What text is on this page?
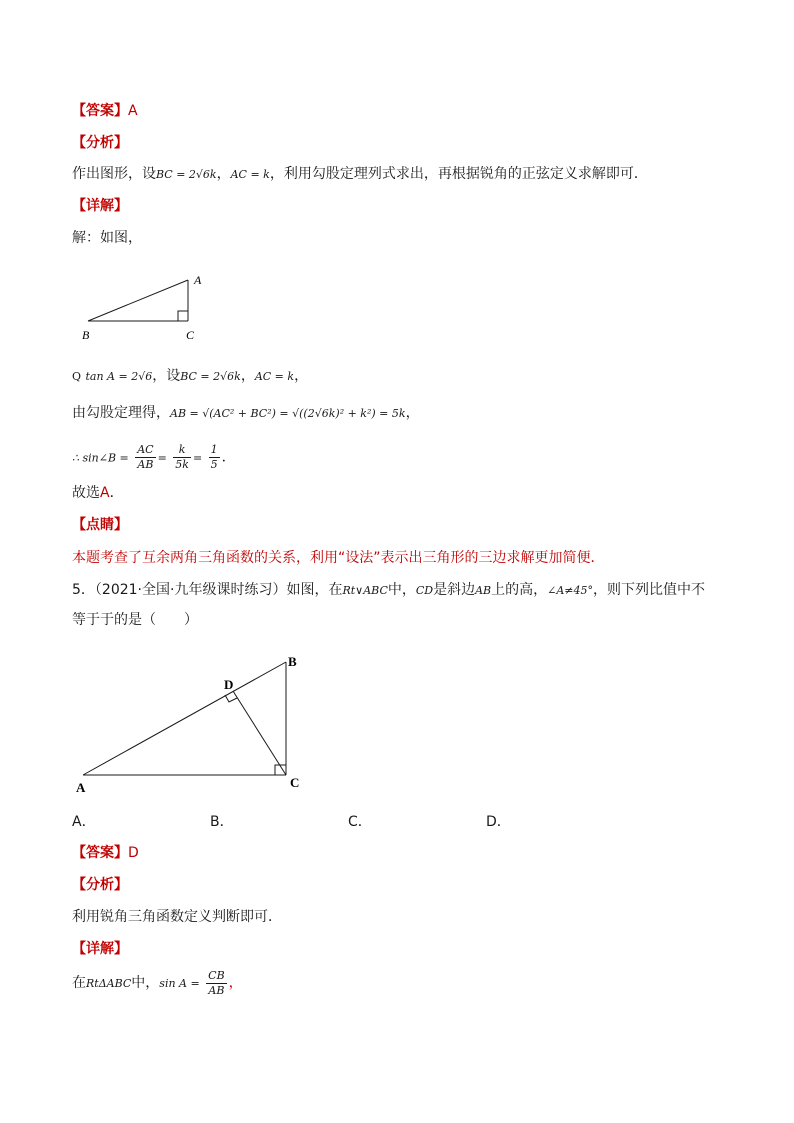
【答案】A
【分析】
作出图形，设BC = 2√6k，AC = k，利用勾股定理列式求出，再根据锐角的正弦定义求解即可．
【详解】
解：如图，
A
B	C
Q tan A = 2√6，设BC = 2√6k，AC = k，
由勾股定理得，AB = √(AC² + BC²) = √((2√6k)² + k²) = 5k，
∴ sin∠B = $\frac{AC}{AB} = \frac{k}{5k} = \frac{1}{5}$ ．
故选A．
【点睛】
本题考查了互余两角三角函数的关系，利用“设法”表示出三角形的三边求解更加简便．
5．（2021·全国·九年级课时练习）如图，在Rt∨ABC中，CD是斜边AB上的高，∠A≠45°，则下列比值中不
等于于的是（　　）
A
B
C
D
A．	B．	C．	D．
【答案】D
【分析】
利用锐角三角函数定义判断即可．
【详解】
在RtΔABC中，$\sin A = \frac{CB}{AB}$ ，
